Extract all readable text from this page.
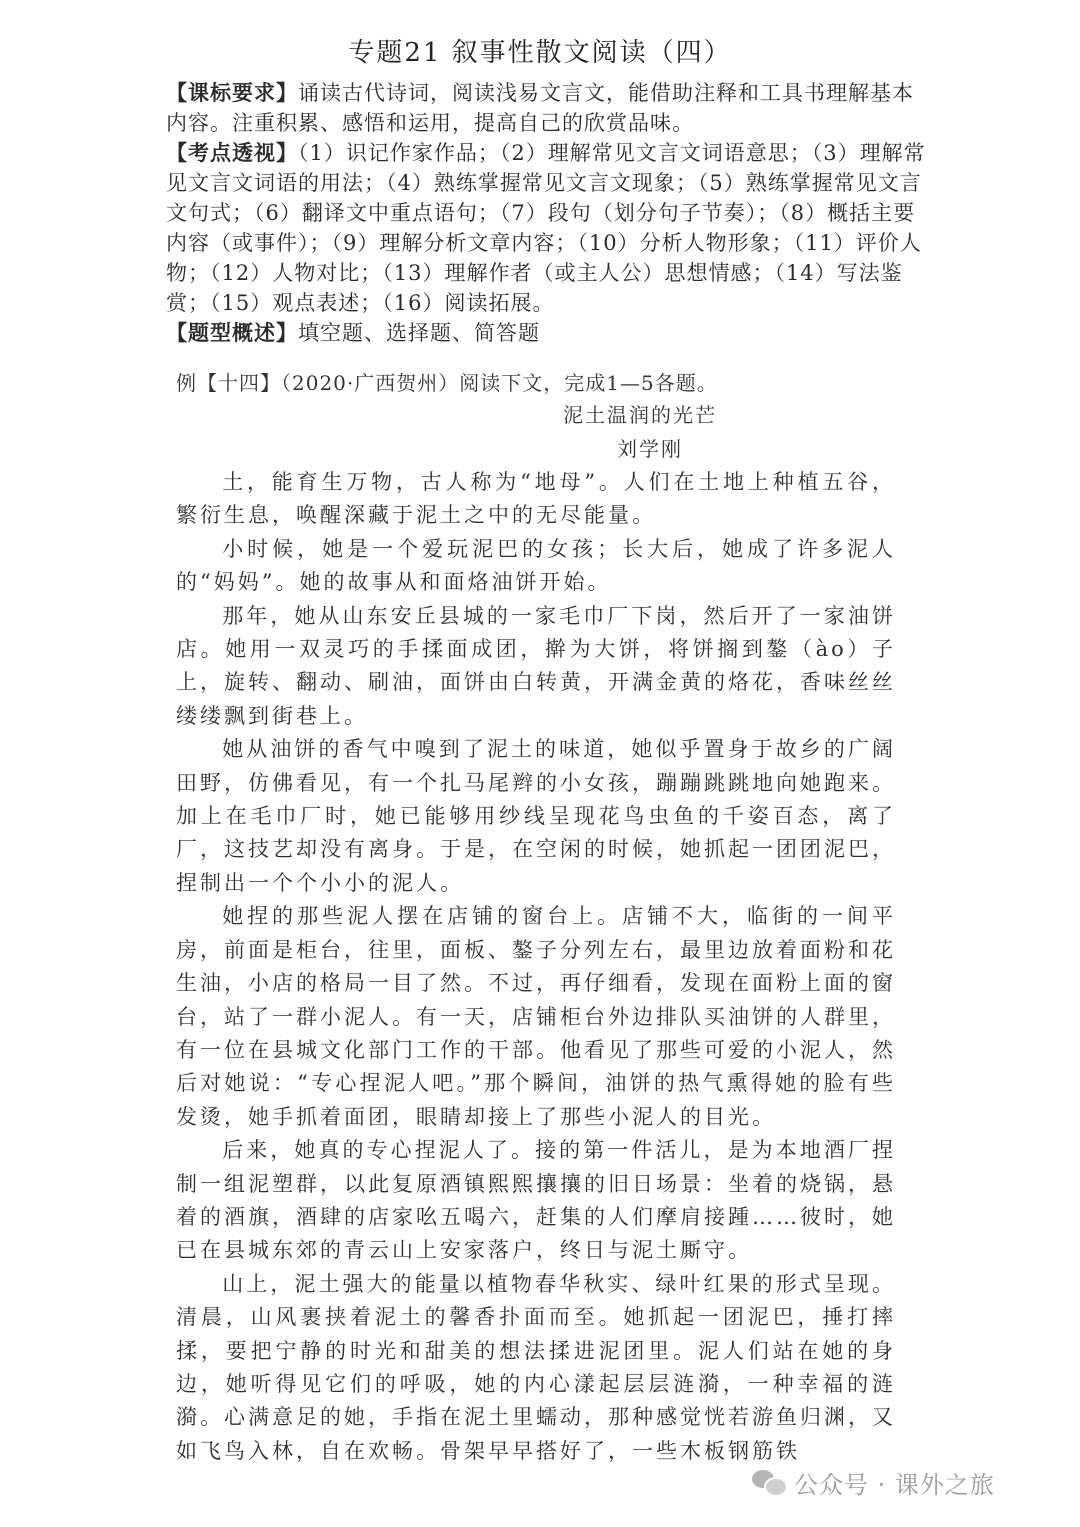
专题21 叙事性散文阅读（四）

【课标要求】诵读古代诗词，阅读浅易文言文，能借助注释和工具书理解基本内容。注重积累、感悟和运用，提高自己的欣赏品味。

【考点透视】（1）识记作家作品；（2）理解常见文言文词语意思；（3）理解常见文言文词语的用法；（4）熟练掌握常见文言文现象；（5）熟练掌握常见文言文句式；（6）翻译文中重点语句；（7）段句（划分句子节奏）；（8）概括主要内容（或事件）；（9）理解分析文章内容；（10）分析人物形象；（11）评价人物；（12）人物对比；（13）理解作者（或主人公）思想情感；（14）写法鉴赏；（15）观点表述；（16）阅读拓展。

【题型概述】填空题、选择题、简答题

例【十四】（2020·广西贺州）阅读下文，完成1—5各题。
泥土温润的光芒
刘学刚

土，能育生万物，古人称为“地母”。人们在土地上种植五谷，繁衍生息，唤醒深藏于泥土之中的无尽能量。

小时候，她是一个爱玩泥巴的女孩；长大后，她成了许多泥人的“妈妈”。她的故事从和面烙油饼开始。

那年，她从山东安丘县城的一家毛巾厂下岗，然后开了一家油饼店。她用一双灵巧的手揉面成团，擀为大饼，将饼搁到鏊（ào）子上，旋转、翻动、刷油，面饼由白转黄，开满金黄的烙花，香味丝丝缕缕飘到街巷上。

她从油饼的香气中嗅到了泥土的味道，她似乎置身于故乡的广阔田野，仿佛看见，有一个扎马尾辫的小女孩，蹦蹦跳跳地向她跑来。加上在毛巾厂时，她已能够用纱线呈现花鸟虫鱼的千姿百态，离了厂，这技艺却没有离身。于是，在空闲的时候，她抓起一团团泥巴，捏制出一个个小小的泥人。

她捏的那些泥人摆在店铺的窗台上。店铺不大，临街的一间平房，前面是柜台，往里，面板、鏊子分列左右，最里边放着面粉和花生油，小店的格局一目了然。不过，再仔细看，发现在面粉上面的窗台，站了一群小泥人。有一天，店铺柜台外边排队买油饼的人群里，有一位在县城文化部门工作的干部。他看见了那些可爱的小泥人，然后对她说：“专心捏泥人吧。”那个瞬间，油饼的热气熏得她的脸有些发烫，她手抓着面团，眼睛却接上了那些小泥人的目光。

后来，她真的专心捏泥人了。接的第一件活儿，是为本地酒厂捏制一组泥塑群，以此复原酒镇熙熙攘攘的旧日场景：坐着的烧锅，悬着的酒旗，酒肆的店家吆五喝六，赶集的人们摩肩接踵……彼时，她已在县城东郊的青云山上安家落户，终日与泥土厮守。

山上，泥土强大的能量以植物春华秋实、绿叶红果的形式呈现。清晨，山风裹挟着泥土的馨香扑面而至。她抓起一团泥巴，捶打摔揉，要把宁静的时光和甜美的想法揉进泥团里。泥人们站在她的身边，她听得见它们的呼吸，她的内心漾起层层涟漪，一种幸福的涟漪。心满意足的她，手指在泥土里蠕动，那种感觉恍若游鱼归渊，又如飞鸟入林，自在欢畅。骨架早早搭好了，一些木板钢筋铁

公众号 · 课外之旅
